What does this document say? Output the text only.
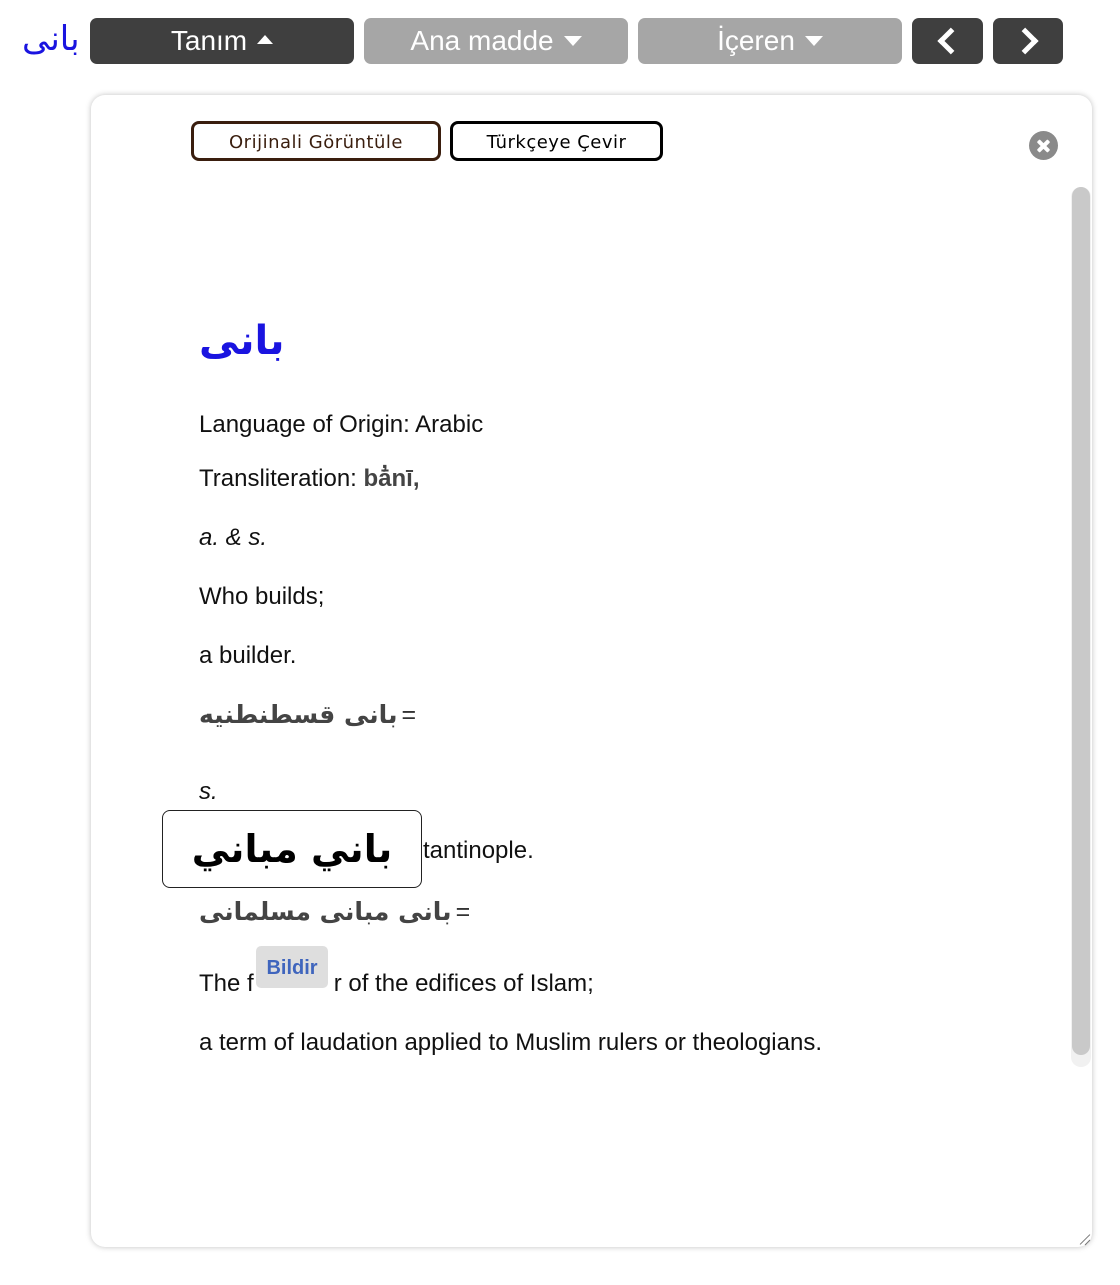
بانی	Tanım	Ana madde	İçeren
Orijinali Görüntüle	Türkçeye Çevir
بانی
Language of Origin: Arabic
Transliteration: bā̓nī,
a. & s.
Who builds;
a builder.
بانی قسطنطنیه =
s.
tantinople.
بانی مبانی مسلمانی =
The f	r of the edifices of Islam;
a term of laudation applied to Muslim rulers or theologians.
باني مباني
Bildir
